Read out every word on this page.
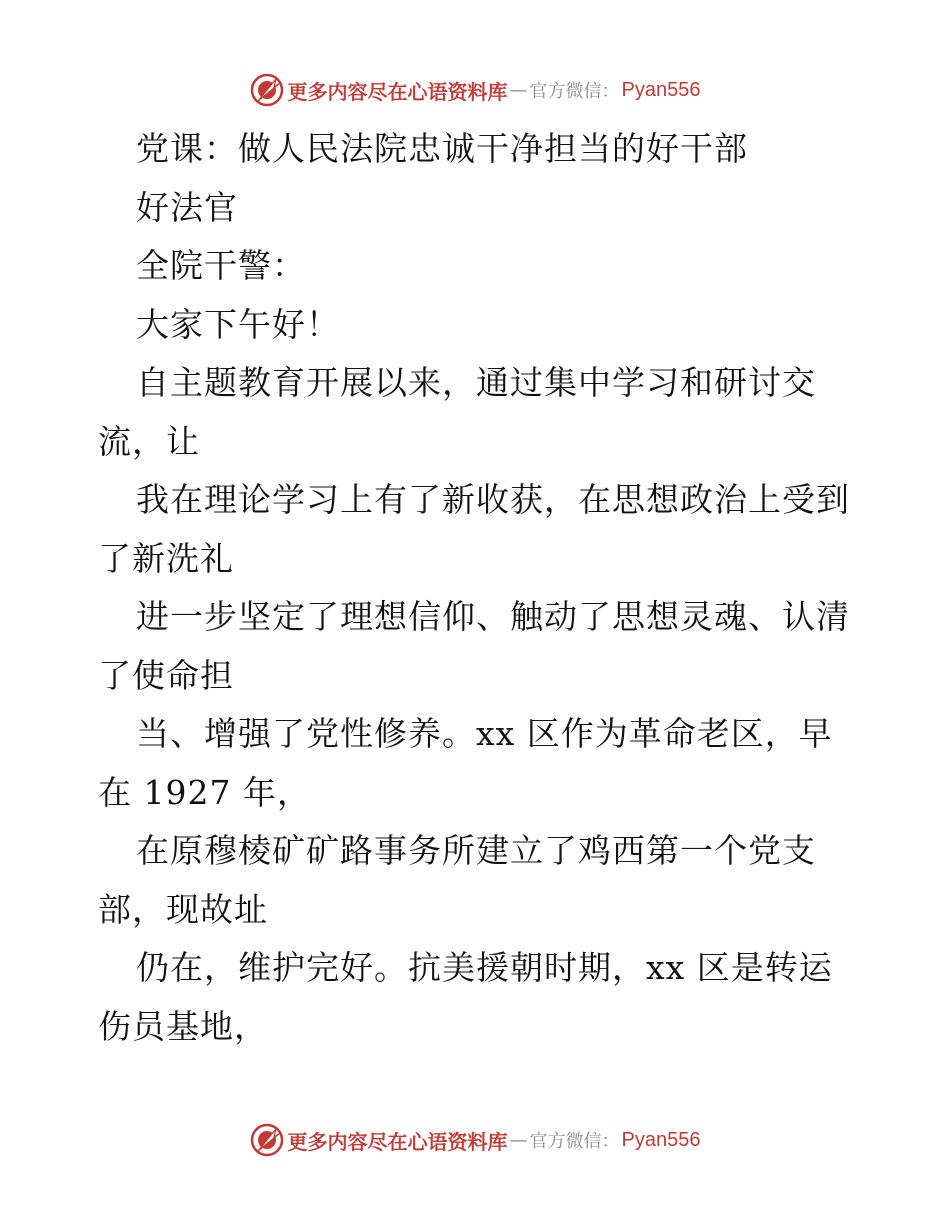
更多内容尽在心语资料库 — 官方微信： Pyan556
党课：做人民法院忠诚干净担当的好干部
好法官
全院干警：
大家下午好！
自主题教育开展以来，通过集中学习和研讨交
流，让
我在理论学习上有了新收获，在思想政治上受到
了新洗礼
进一步坚定了理想信仰、触动了思想灵魂、认清
了使命担
当、增强了党性修养。xx 区作为革命老区，早
在 1927 年，
在原穆棱矿矿路事务所建立了鸡西第一个党支
部，现故址
仍在，维护完好。抗美援朝时期，xx 区是转运
伤员基地，
更多内容尽在心语资料库 — 官方微信： Pyan556
